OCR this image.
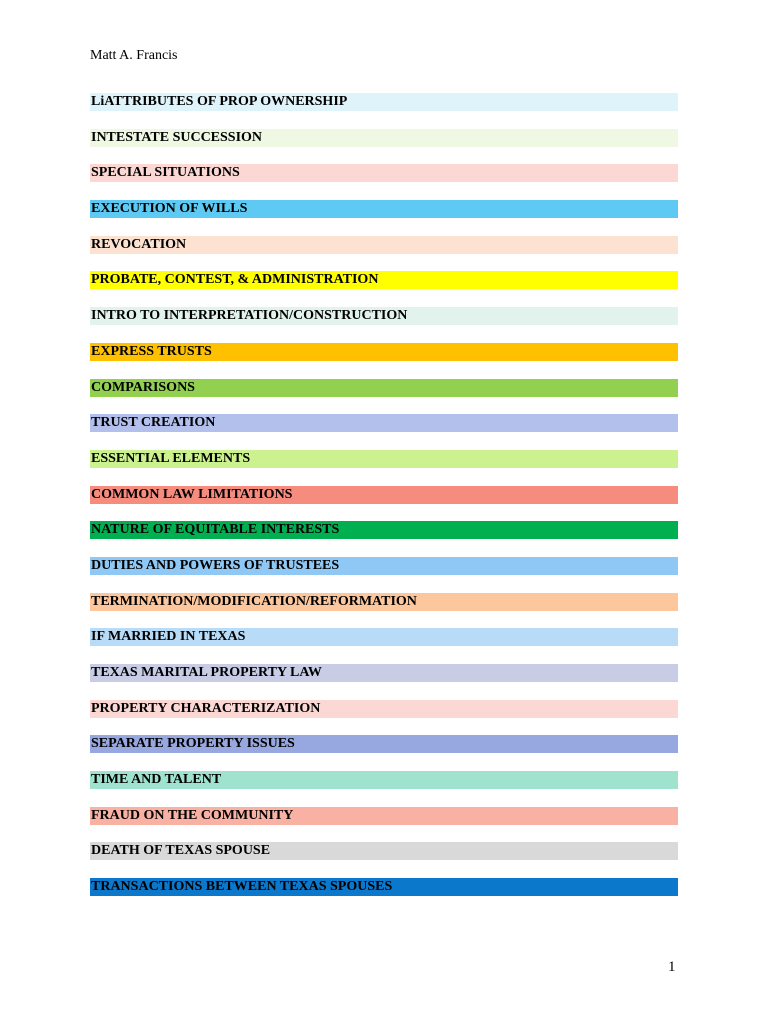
Matt A. Francis
LiATTRIBUTES OF PROP OWNERSHIP
INTESTATE SUCCESSION
SPECIAL SITUATIONS
EXECUTION OF WILLS
REVOCATION
PROBATE, CONTEST, & ADMINISTRATION
INTRO TO INTERPRETATION/CONSTRUCTION
EXPRESS TRUSTS
COMPARISONS
TRUST CREATION
ESSENTIAL ELEMENTS
COMMON LAW LIMITATIONS
NATURE OF EQUITABLE INTERESTS
DUTIES AND POWERS OF TRUSTEES
TERMINATION/MODIFICATION/REFORMATION
IF MARRIED IN TEXAS
TEXAS MARITAL PROPERTY LAW
PROPERTY CHARACTERIZATION
SEPARATE PROPERTY ISSUES
TIME AND TALENT
FRAUD ON THE COMMUNITY
DEATH OF TEXAS SPOUSE
TRANSACTIONS BETWEEN TEXAS SPOUSES
1
